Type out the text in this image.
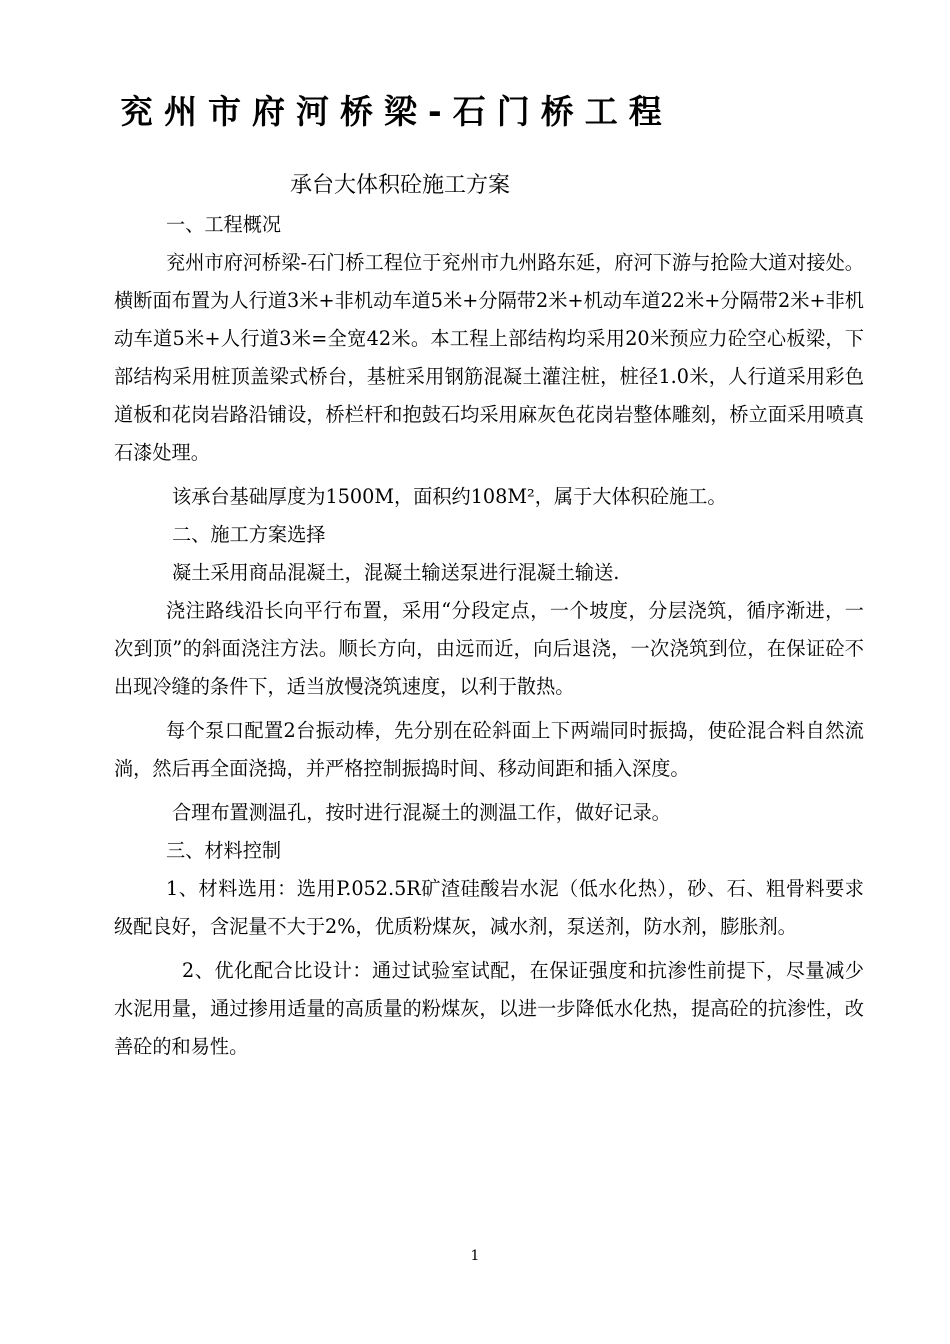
兖州市府河桥梁-石门桥工程
承台大体积砼施工方案

一、工程概况

兖州市府河桥梁-石门桥工程位于兖州市九州路东延，府河下游与抢险大道对接处。横断面布置为人行道3米+非机动车道5米+分隔带2米+机动车道22米+分隔带2米+非机动车道5米+人行道3米=全宽42米。本工程上部结构均采用20米预应力砼空心板梁，下部结构采用桩顶盖梁式桥台，基桩采用钢筋混凝土灌注桩，桩径1.0米，人行道采用彩色道板和花岗岩路沿铺设，桥栏杆和抱鼓石均采用麻灰色花岗岩整体雕刻，桥立面采用喷真石漆处理。

该承台基础厚度为1500M，面积约108M²，属于大体积砼施工。

二、施工方案选择

凝土采用商品混凝土，混凝土输送泵进行混凝土输送.

浇注路线沿长向平行布置，采用“分段定点，一个坡度，分层浇筑，循序渐进，一次到顶”的斜面浇注方法。顺长方向，由远而近，向后退浇，一次浇筑到位，在保证砼不出现冷缝的条件下，适当放慢浇筑速度，以利于散热。

每个泵口配置2台振动棒，先分别在砼斜面上下两端同时振捣，使砼混合料自然流淌，然后再全面浇捣，并严格控制振捣时间、移动间距和插入深度。

合理布置测温孔，按时进行混凝土的测温工作，做好记录。

三、材料控制

1、材料选用：选用P.052.5R矿渣硅酸岩水泥（低水化热），砂、石、粗骨料要求级配良好，含泥量不大于2%，优质粉煤灰，减水剂，泵送剂，防水剂，膨胀剂。

2、优化配合比设计：通过试验室试配，在保证强度和抗渗性前提下，尽量减少水泥用量，通过掺用适量的高质量的粉煤灰，以进一步降低水化热，提高砼的抗渗性，改善砼的和易性。

1
